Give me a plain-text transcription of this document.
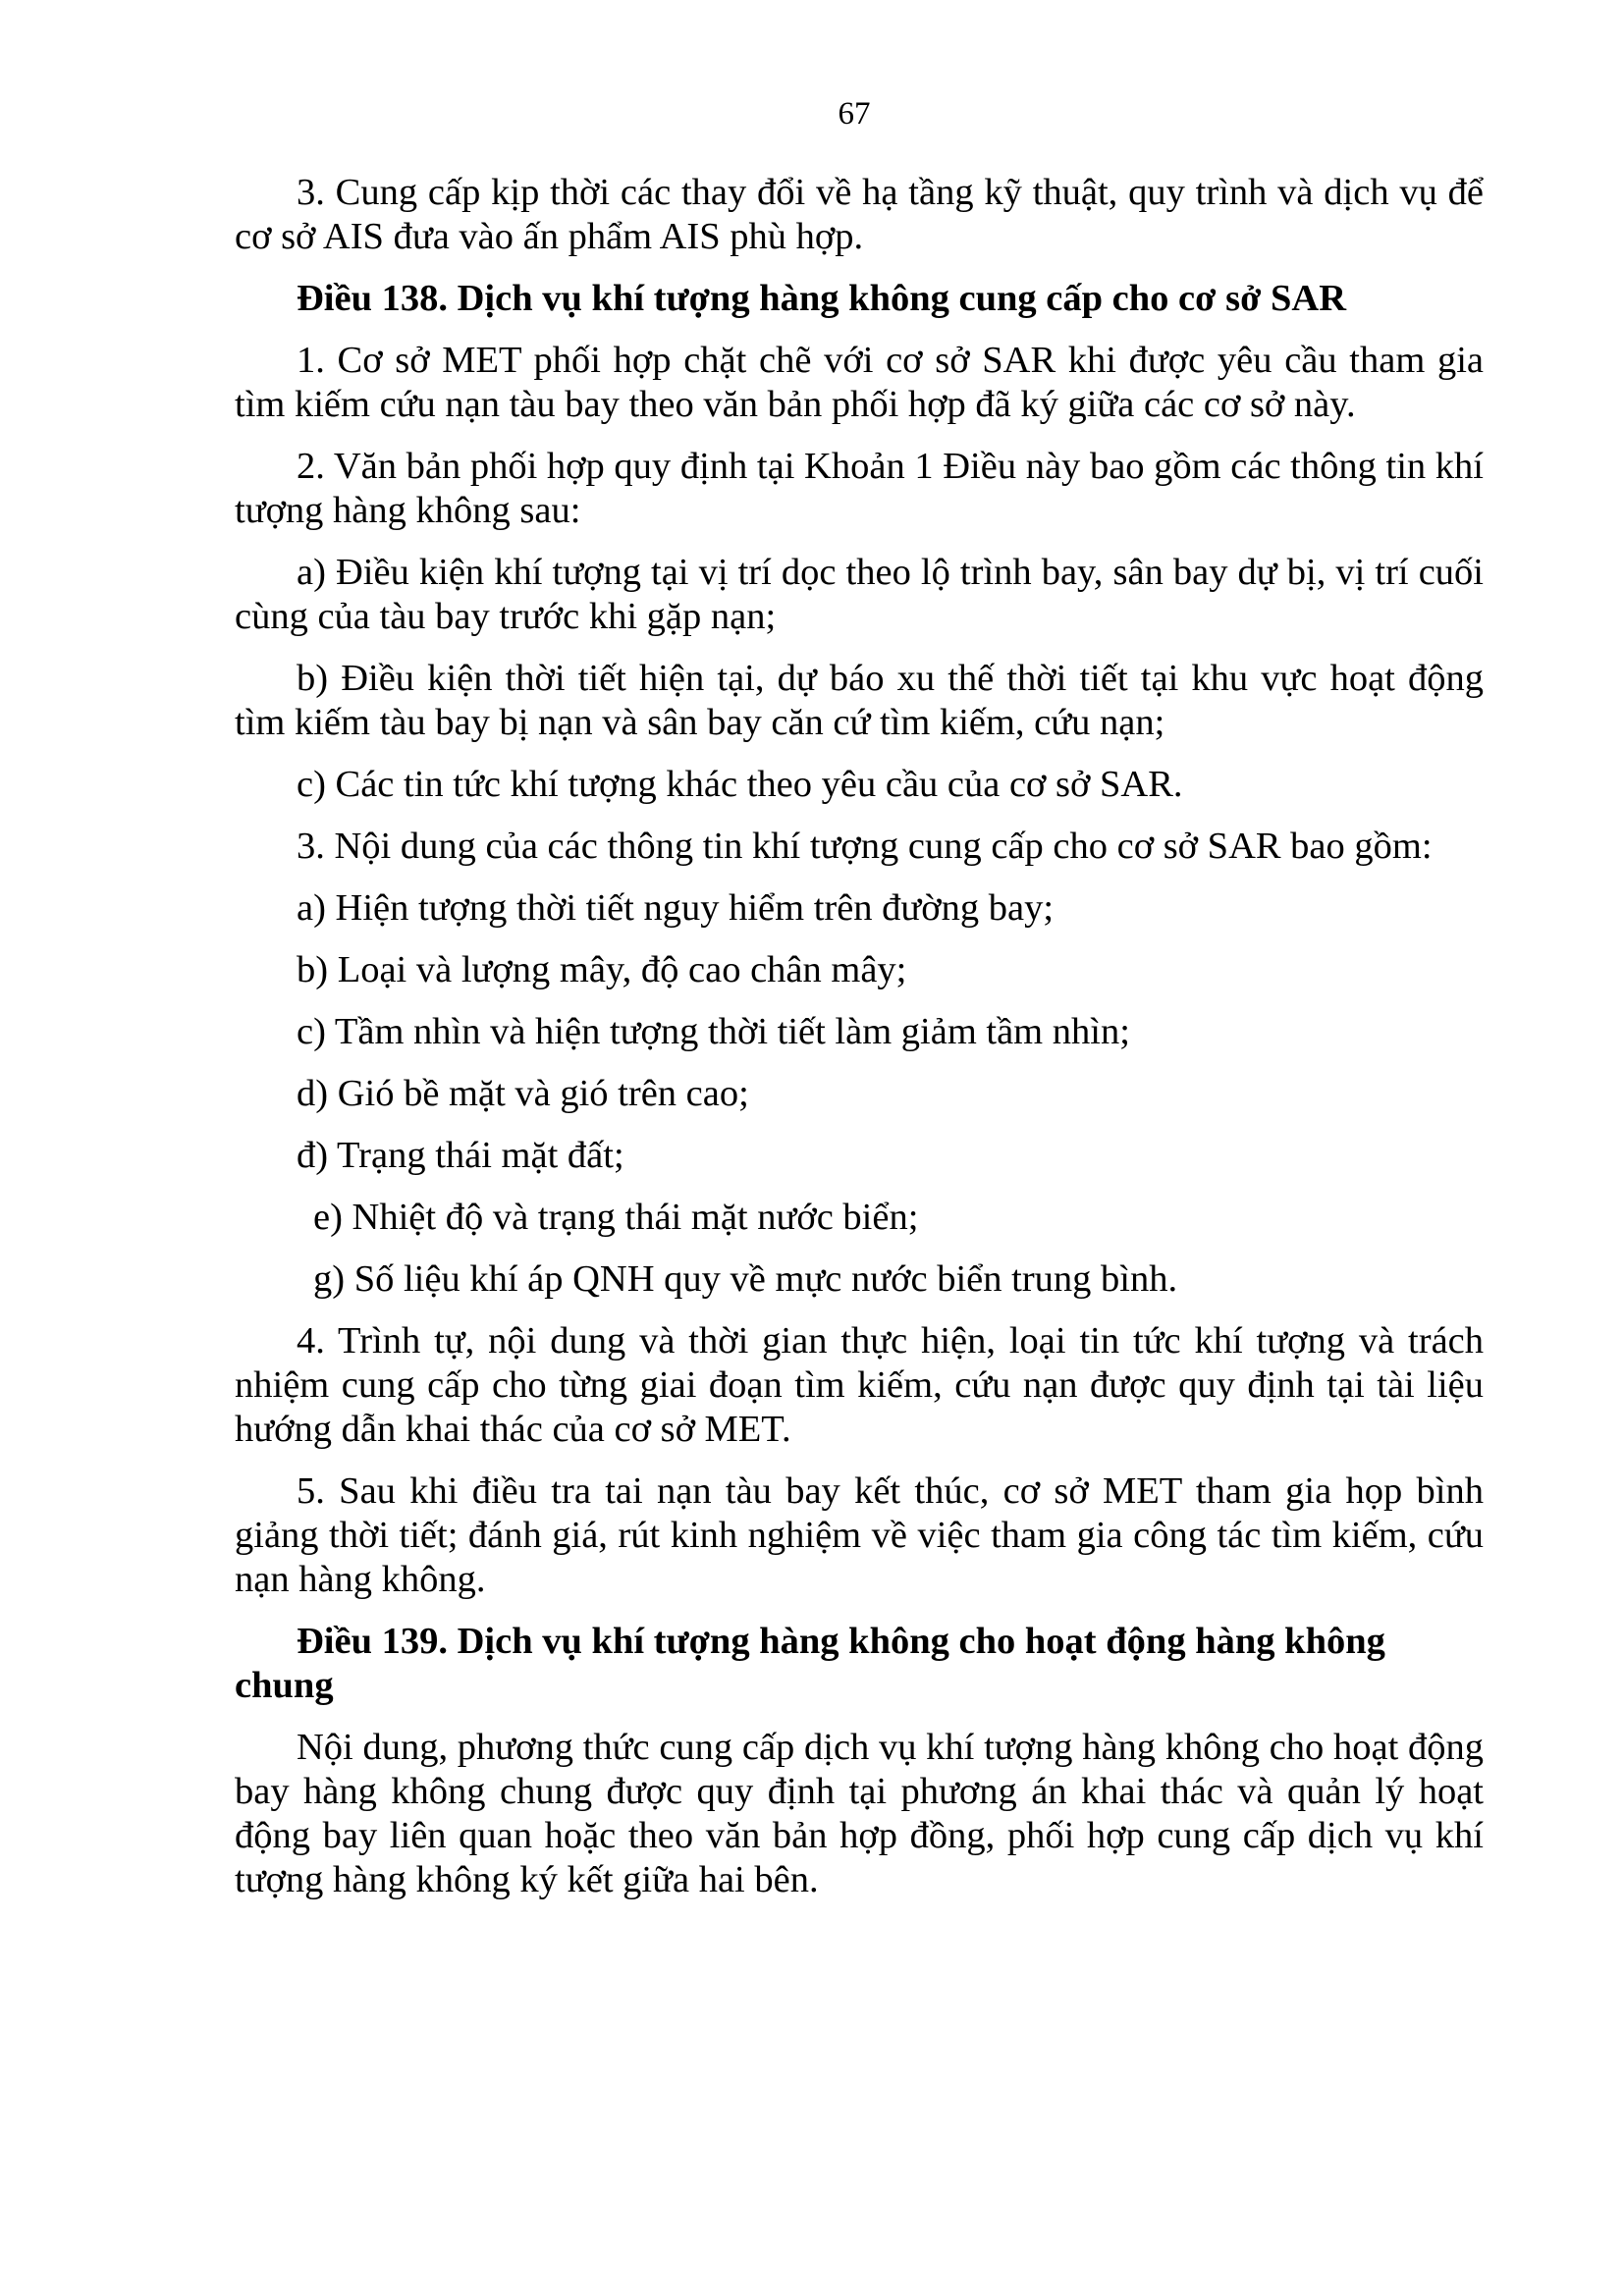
67

3. Cung cấp kịp thời các thay đổi về hạ tầng kỹ thuật, quy trình và dịch vụ để cơ sở AIS đưa vào ấn phẩm AIS phù hợp.

Điều 138. Dịch vụ khí tượng hàng không cung cấp cho cơ sở SAR

1. Cơ sở MET phối hợp chặt chẽ với cơ sở SAR khi được yêu cầu tham gia tìm kiếm cứu nạn tàu bay theo văn bản phối hợp đã ký giữa các cơ sở này.

2. Văn bản phối hợp quy định tại Khoản 1 Điều này bao gồm các thông tin khí tượng hàng không sau:

a) Điều kiện khí tượng tại vị trí dọc theo lộ trình bay, sân bay dự bị, vị trí cuối cùng của tàu bay trước khi gặp nạn;

b) Điều kiện thời tiết hiện tại, dự báo xu thế thời tiết tại khu vực hoạt động tìm kiếm tàu bay bị nạn và sân bay căn cứ tìm kiếm, cứu nạn;

c) Các tin tức khí tượng khác theo yêu cầu của cơ sở SAR.

3. Nội dung của các thông tin khí tượng cung cấp cho cơ sở SAR bao gồm:

a) Hiện tượng thời tiết nguy hiểm trên đường bay;

b) Loại và lượng mây, độ cao chân mây;

c) Tầm nhìn và hiện tượng thời tiết làm giảm tầm nhìn;

d) Gió bề mặt và gió trên cao;

đ) Trạng thái mặt đất;

e) Nhiệt độ và trạng thái mặt nước biển;

g) Số liệu khí áp QNH quy về mực nước biển trung bình.

4. Trình tự, nội dung và thời gian thực hiện, loại tin tức khí tượng và trách nhiệm cung cấp cho từng giai đoạn tìm kiếm, cứu nạn được quy định tại tài liệu hướng dẫn khai thác của cơ sở MET.

5. Sau khi điều tra tai nạn tàu bay kết thúc, cơ sở MET tham gia họp bình giảng thời tiết; đánh giá, rút kinh nghiệm về việc tham gia công tác tìm kiếm, cứu nạn hàng không.

Điều 139. Dịch vụ khí tượng hàng không cho hoạt động hàng không chung

Nội dung, phương thức cung cấp dịch vụ khí tượng hàng không cho hoạt động bay hàng không chung được quy định tại phương án khai thác và quản lý hoạt động bay liên quan hoặc theo văn bản hợp đồng, phối hợp cung cấp dịch vụ khí tượng hàng không ký kết giữa hai bên.
